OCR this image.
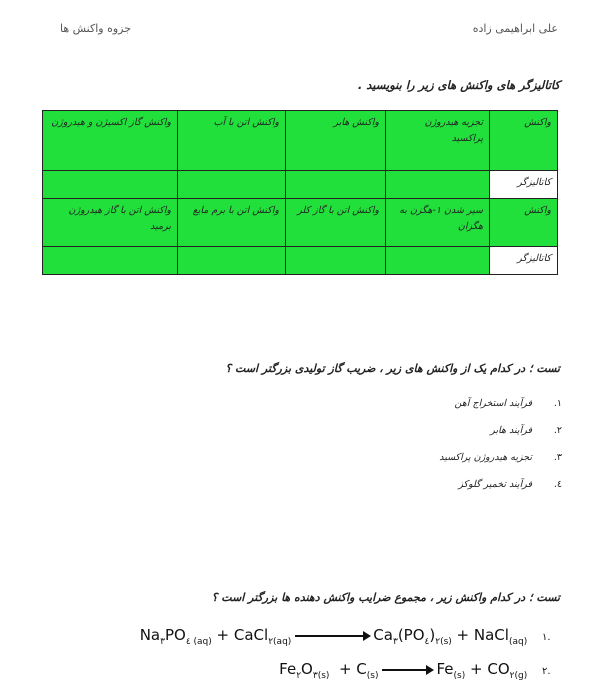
علی ابراهیمی زاده
جزوه واکنش ها
کاتالیزگر های واکنش های زیر را بنویسید .
واکنش	تجزیه هیدروژن پراکسید	واکنش هابر	واکنش اتن با آب	واکنش گاز اکسیژن و هیدروژن
کاتالیزگر				
واکنش	سیر شدن ۱-هگزن به هگزان	واکنش اتن با گاز کلر	واکنش اتن با برم مایع	واکنش اتن با گاز هیدروژن برمید
کاتالیزگر				
تست ؛ در کدام یک از واکنش های زیر ، ضریب گاز تولیدی بزرگتر است ؟
۱.فرآیند استخراج آهن
۲.فرآیند هابر
۳.تجزیه هیدروژن پراکسید
٤.فرآیند تخمیر گلوکز
تست ؛ در کدام واکنش زیر ، مجموع ضرایب واکنش دهنده ها بزرگتر است ؟
$Na_۳PO_{٤ (aq)}$ + CaCl$_{۲(aq)}$	$Ca_۳(PO_٤)_{۲(s)}$ + NaCl$_{(aq)}$ ۱.
$Fe_۲O_{۳(s)} + C_{(s)} \to Fe_{(s)} + CO_{۲(g)}$ ۲.
